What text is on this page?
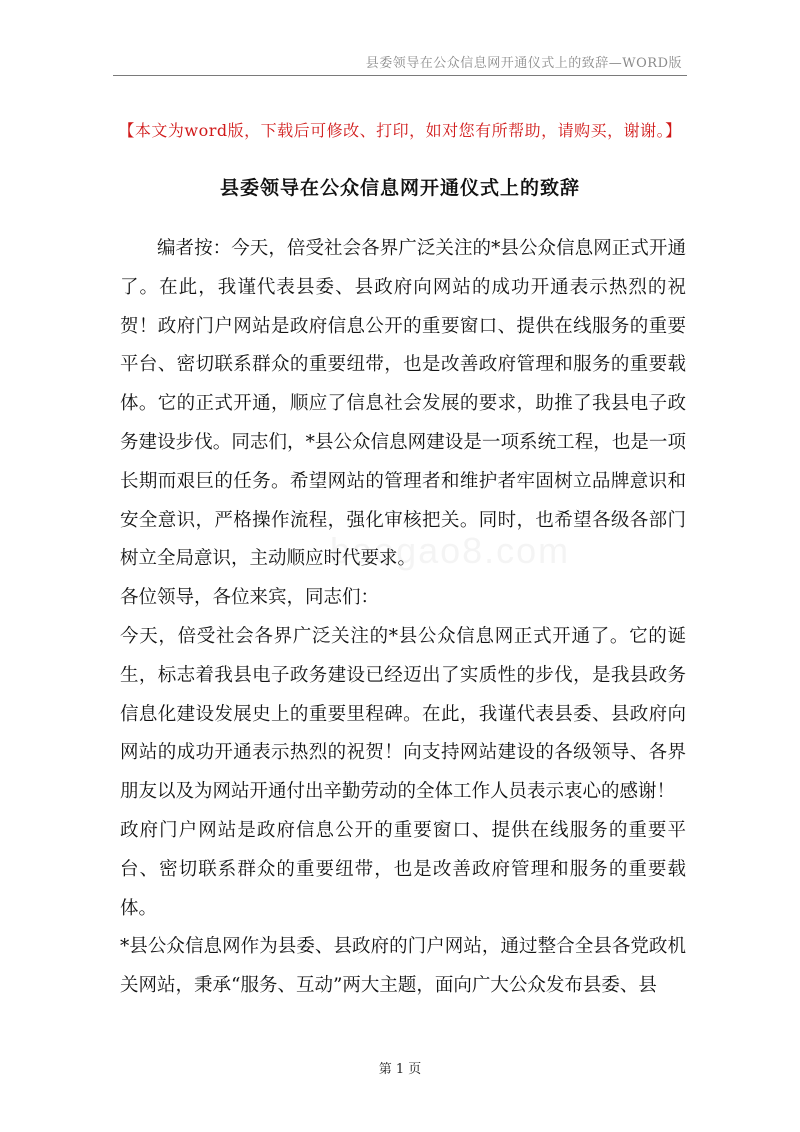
县委领导在公众信息网开通仪式上的致辞—WORD版
【本文为word版，下载后可修改、打印，如对您有所帮助，请购买，谢谢。】
县委领导在公众信息网开通仪式上的致辞
baogao8.com

编者按：今天，倍受社会各界广泛关注的*县公众信息网正式开通了。在此，我谨代表县委、县政府向网站的成功开通表示热烈的祝贺！政府门户网站是政府信息公开的重要窗口、提供在线服务的重要平台、密切联系群众的重要纽带，也是改善政府管理和服务的重要载体。它的正式开通，顺应了信息社会发展的要求，助推了我县电子政务建设步伐。同志们，*县公众信息网建设是一项系统工程，也是一项长期而艰巨的任务。希望网站的管理者和维护者牢固树立品牌意识和安全意识，严格操作流程，强化审核把关。同时，也希望各级各部门树立全局意识，主动顺应时代要求。

各位领导，各位来宾，同志们：

今天，倍受社会各界广泛关注的*县公众信息网正式开通了。它的诞生，标志着我县电子政务建设已经迈出了实质性的步伐，是我县政务信息化建设发展史上的重要里程碑。在此，我谨代表县委、县政府向网站的成功开通表示热烈的祝贺！向支持网站建设的各级领导、各界朋友以及为网站开通付出辛勤劳动的全体工作人员表示衷心的感谢！

政府门户网站是政府信息公开的重要窗口、提供在线服务的重要平台、密切联系群众的重要纽带，也是改善政府管理和服务的重要载体。

*县公众信息网作为县委、县政府的门户网站，通过整合全县各党政机关网站，秉承“服务、互动”两大主题，面向广大公众发布县委、县

第 1 页
